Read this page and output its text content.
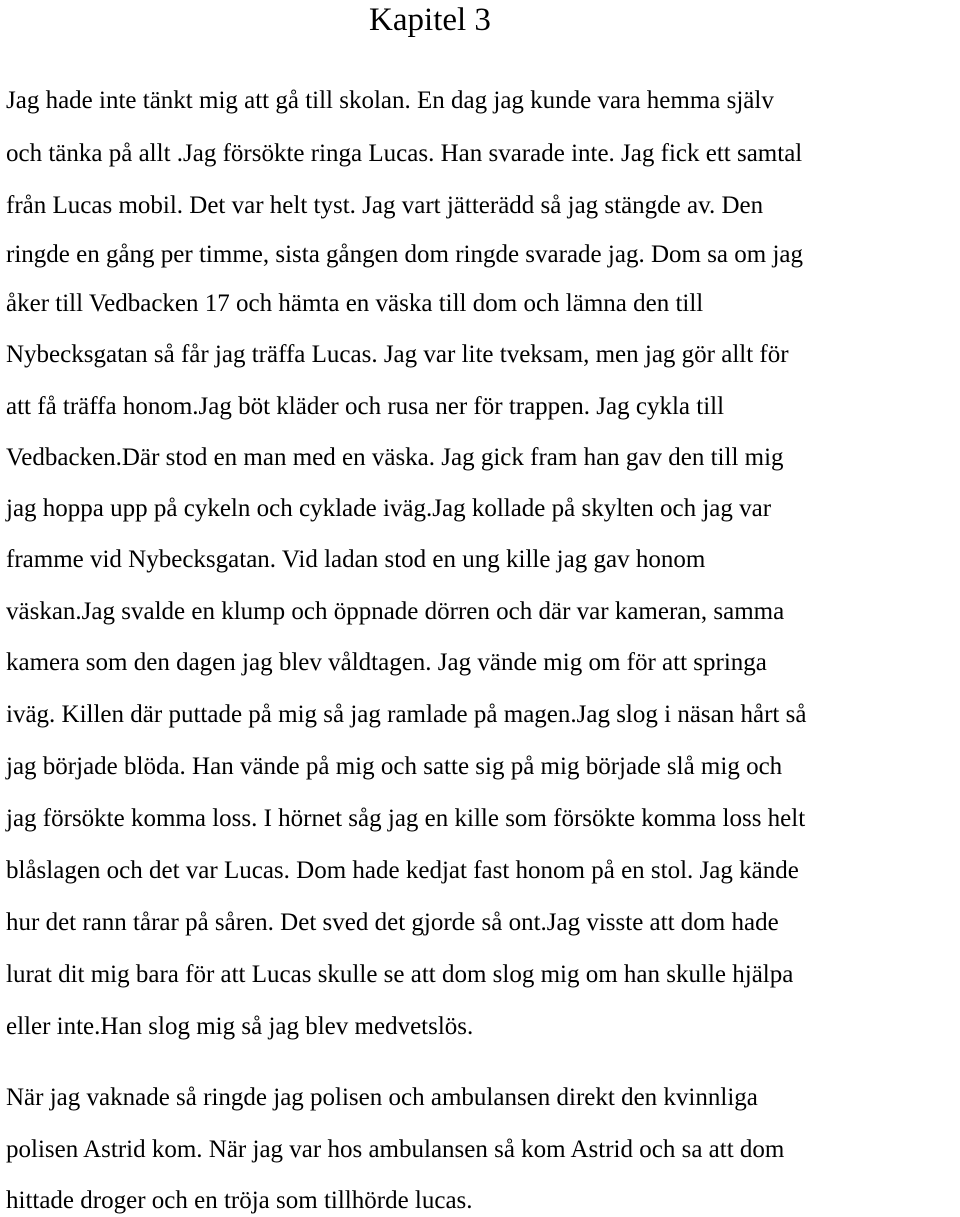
Kapitel 3

Jag hade inte tänkt mig att gå till skolan. En dag jag kunde vara hemma själv

och tänka på allt .Jag försökte ringa Lucas. Han svarade inte. Jag fick ett samtal

från Lucas mobil. Det var helt tyst. Jag vart jätterädd så jag stängde av. Den

ringde en gång per timme, sista gången dom ringde svarade jag. Dom sa om jag

åker till Vedbacken 17 och hämta en väska till dom och lämna den till

Nybecksgatan så får jag träffa Lucas. Jag var lite tveksam, men jag gör allt för

att få träffa honom.Jag böt kläder och rusa ner för trappen. Jag cykla till

Vedbacken.Där stod en man med en väska. Jag gick fram han gav den till mig

jag hoppa upp på cykeln och cyklade iväg.Jag kollade på skylten och jag var

framme vid Nybecksgatan. Vid ladan stod en ung kille jag gav honom

väskan.Jag svalde en klump och öppnade dörren och där var kameran, samma

kamera som den dagen jag blev våldtagen. Jag vände mig om för att springa

iväg. Killen där puttade på mig så jag ramlade på magen.Jag slog i näsan hårt så

jag började blöda. Han vände på mig och satte sig på mig började slå mig och

jag försökte komma loss. I hörnet såg jag en kille som försökte komma loss helt

blåslagen och det var Lucas. Dom hade kedjat fast honom på en stol. Jag kände

hur det rann tårar på såren. Det sved det gjorde så ont.Jag visste att dom hade

lurat dit mig bara för att Lucas skulle se att dom slog mig om han skulle hjälpa

eller inte.Han slog mig så jag blev medvetslös.

När jag vaknade så ringde jag polisen och ambulansen direkt den kvinnliga

polisen Astrid kom. När jag var hos ambulansen så kom Astrid och sa att dom

hittade droger och en tröja som tillhörde lucas.
